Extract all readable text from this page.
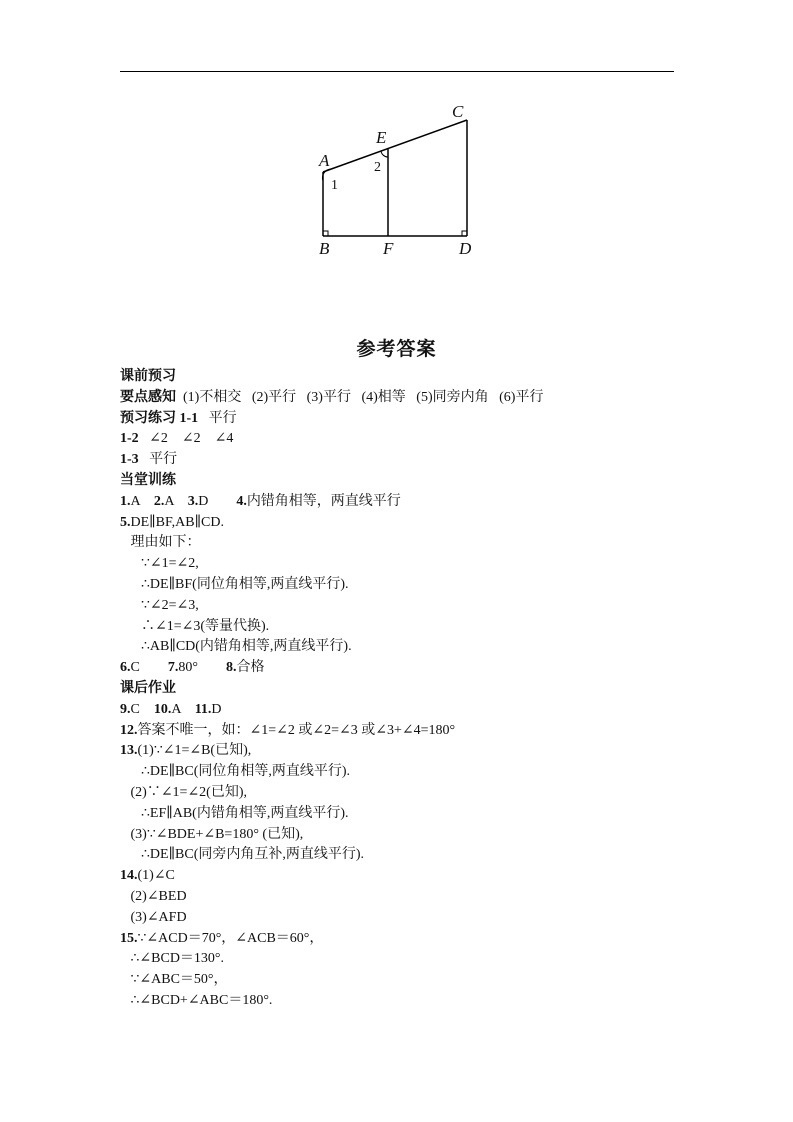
A
B
C
D
E
F
1
2
参考答案
课前预习
要点感知  (1)不相交   (2)平行   (3)平行   (4)相等   (5)同旁内角   (6)平行
预习练习 1-1   平行
1-2   ∠2    ∠2    ∠4
1-3   平行
当堂训练
1.A    2.A    3.D        4.内错角相等，两直线平行
5.DE∥BF,AB∥CD.
理由如下：
∵∠1=∠2,
∴DE∥BF(同位角相等,两直线平行).
∵∠2=∠3,
∴∠1=∠3(等量代换).
∴AB∥CD(内错角相等,两直线平行).
6.C        7.80°        8.合格
课后作业
9.C    10.A    11.D
12.答案不唯一，如：∠1=∠2 或∠2=∠3 或∠3+∠4=180°
13.(1)∵∠1=∠B(已知),
∴DE∥BC(同位角相等,两直线平行).
(2)∵∠1=∠2(已知),
∴EF∥AB(内错角相等,两直线平行).
(3)∵∠BDE+∠B=180° (已知),
∴DE∥BC(同旁内角互补,两直线平行).
14.(1)∠C
(2)∠BED
(3)∠AFD
15.∵∠ACD＝70°，∠ACB＝60°，
∴∠BCD＝130°.
∵∠ABC＝50°，
∴∠BCD+∠ABC＝180°.
